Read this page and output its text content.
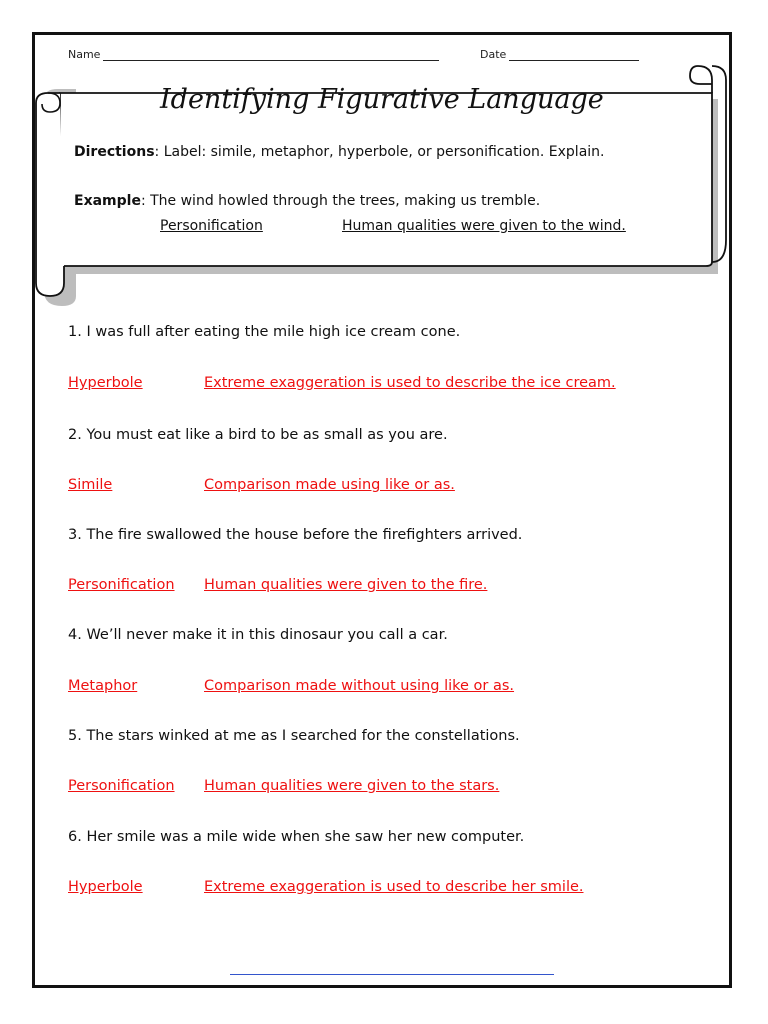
Name	Date
Identifying Figurative Language
Directions: Label: simile, metaphor, hyperbole, or personification. Explain.
Example: The wind howled through the trees, making us tremble.
Personification	Human qualities were given to the wind.
1. I was full after eating the mile high ice cream cone.
Hyperbole	Extreme exaggeration is used to describe the ice cream.
2. You must eat like a bird to be as small as you are.
Simile	Comparison made using like or as.
3. The fire swallowed the house before the firefighters arrived.
Personification Human qualities were given to the fire.
4. We’ll never make it in this dinosaur you call a car.
Metaphor	Comparison made without using like or as.
5. The stars winked at me as I searched for the constellations.
Personification Human qualities were given to the stars.
6. Her smile was a mile wide when she saw her new computer.
Hyperbole	Extreme exaggeration is used to describe her smile.
